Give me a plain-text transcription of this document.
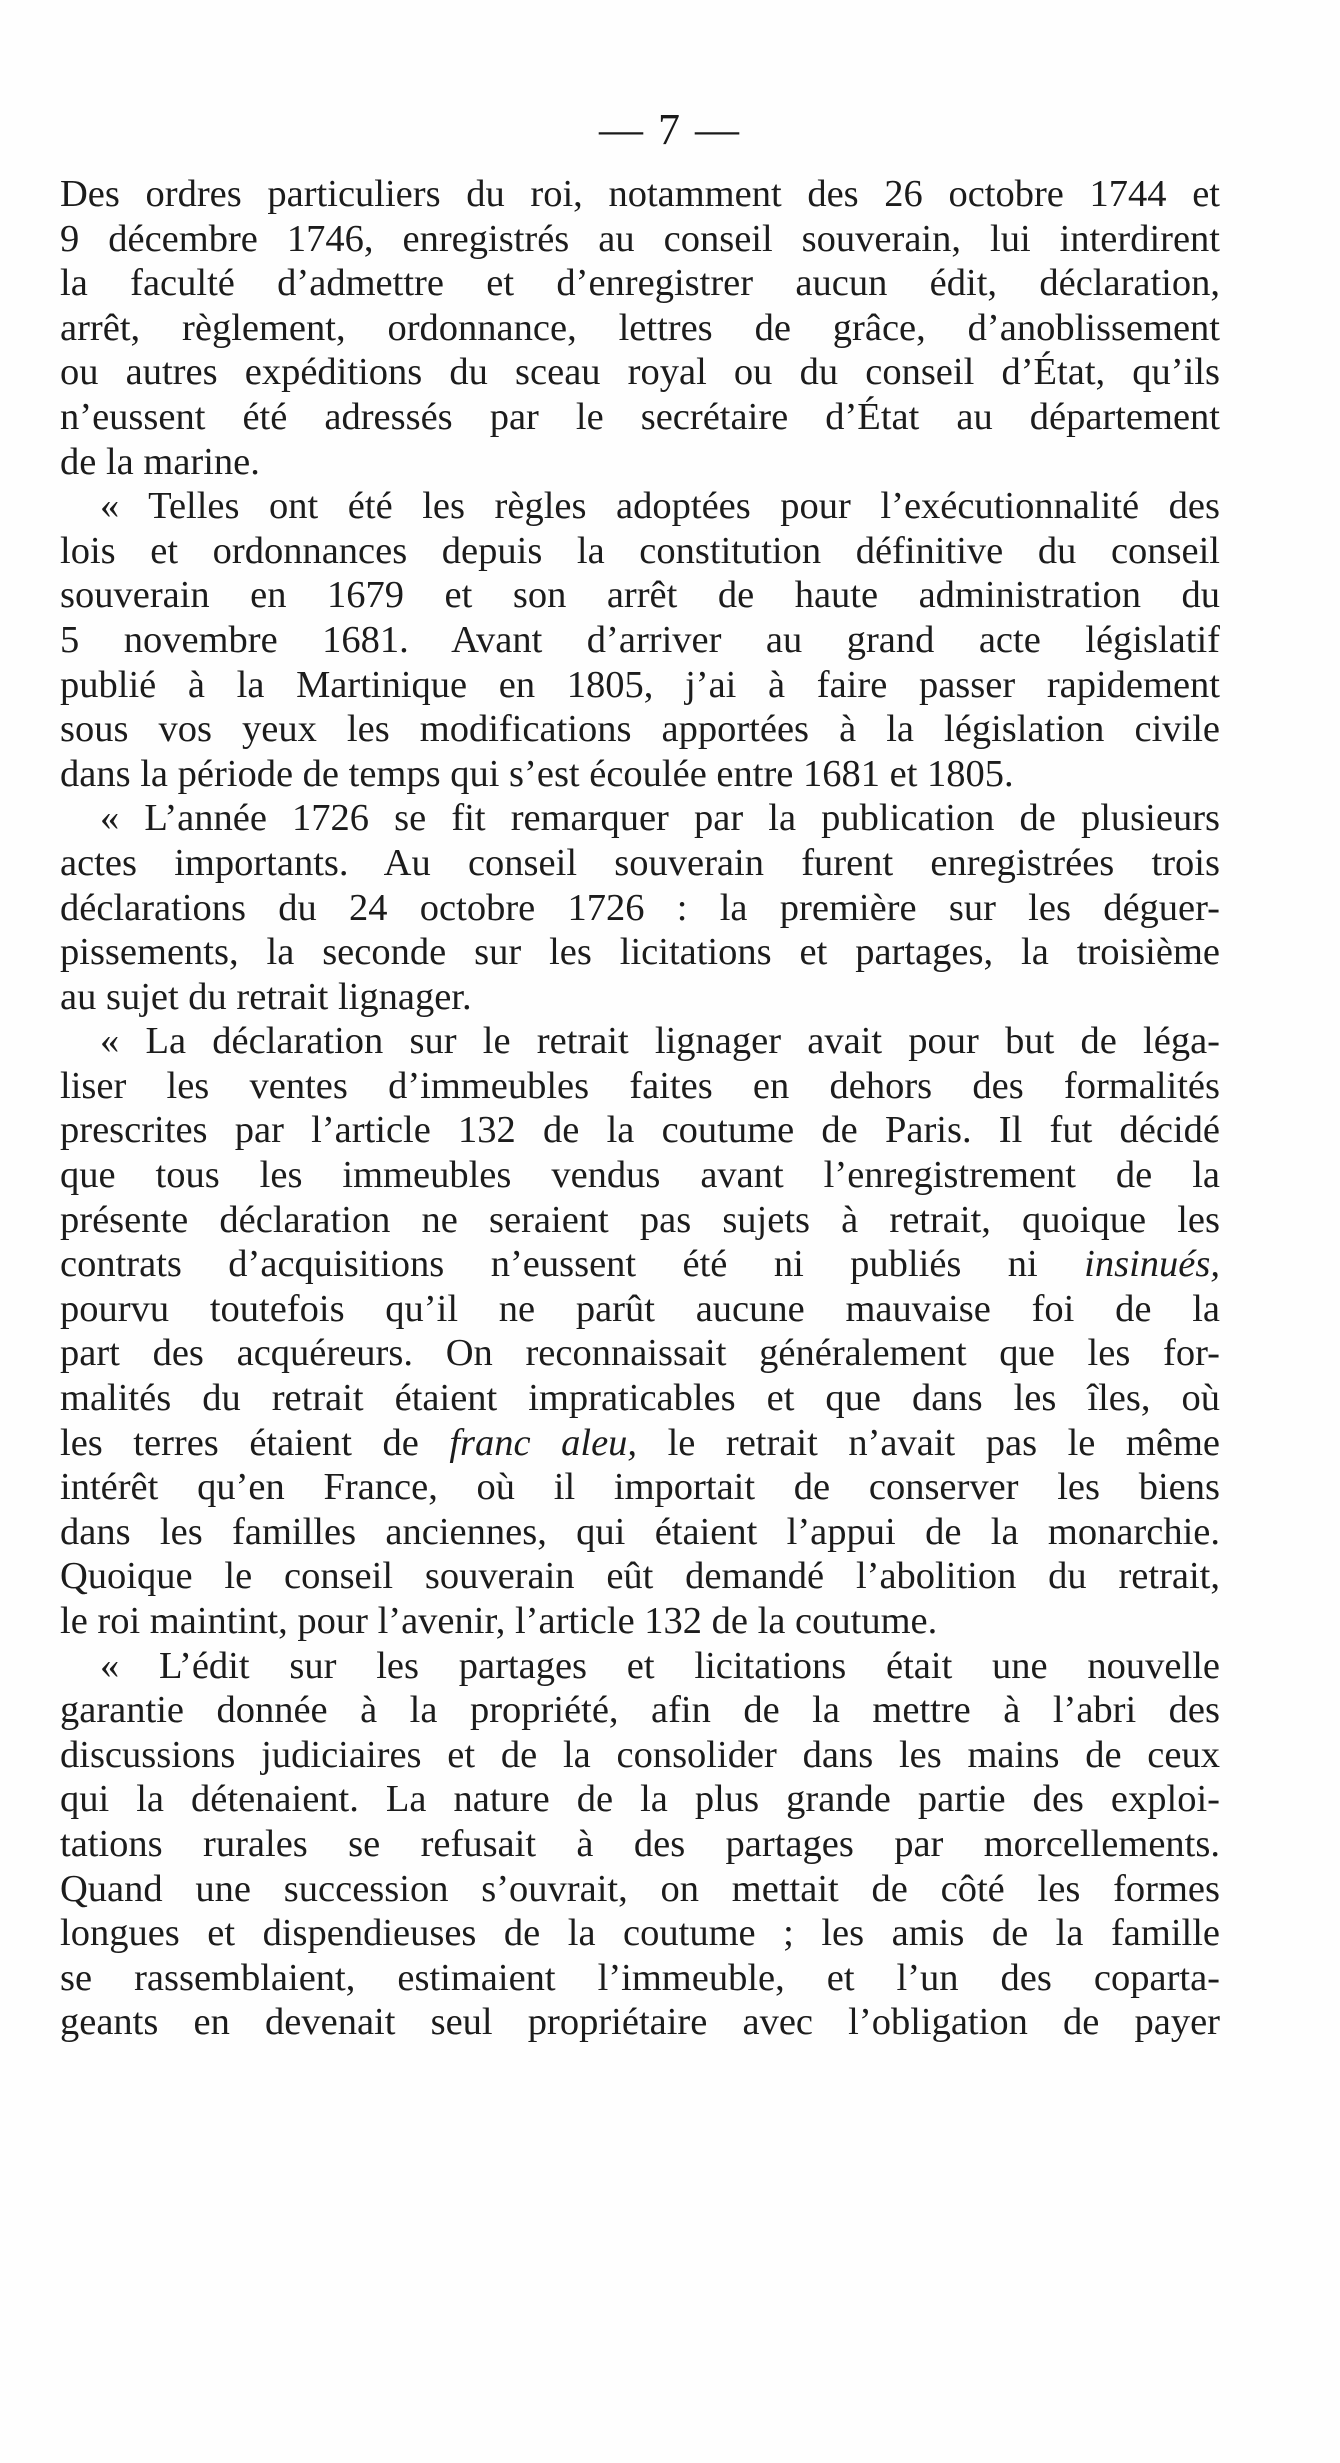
— 7 —
Des ordres particuliers du roi, notamment des 26 octobre 1744 et
9 décembre 1746, enregistrés au conseil souverain, lui interdirent
la faculté d’admettre et d’enregistrer aucun édit, déclaration,
arrêt, règlement, ordonnance, lettres de grâce, d’anoblissement
ou autres expéditions du sceau royal ou du conseil d’État, qu’ils
n’eussent été adressés par le secrétaire d’État au département
de la marine.
« Telles ont été les règles adoptées pour l’exécutionnalité des
lois et ordonnances depuis la constitution définitive du conseil
souverain en 1679 et son arrêt de haute administration du
5 novembre 1681. Avant d’arriver au grand acte législatif
publié à la Martinique en 1805, j’ai à faire passer rapidement
sous vos yeux les modifications apportées à la législation civile
dans la période de temps qui s’est écoulée entre 1681 et 1805.
« L’année 1726 se fit remarquer par la publication de plusieurs
actes importants. Au conseil souverain furent enregistrées trois
déclarations du 24 octobre 1726 : la première sur les déguer-
pissements, la seconde sur les licitations et partages, la troisième
au sujet du retrait lignager.
« La déclaration sur le retrait lignager avait pour but de léga-
liser les ventes d’immeubles faites en dehors des formalités
prescrites par l’article 132 de la coutume de Paris. Il fut décidé
que tous les immeubles vendus avant l’enregistrement de la
présente déclaration ne seraient pas sujets à retrait, quoique les
contrats d’acquisitions n’eussent été ni publiés ni insinués,
pourvu toutefois qu’il ne parût aucune mauvaise foi de la
part des acquéreurs. On reconnaissait généralement que les for-
malités du retrait étaient impraticables et que dans les îles, où
les terres étaient de franc aleu, le retrait n’avait pas le même
intérêt qu’en France, où il importait de conserver les biens
dans les familles anciennes, qui étaient l’appui de la monarchie.
Quoique le conseil souverain eût demandé l’abolition du retrait,
le roi maintint, pour l’avenir, l’article 132 de la coutume.
« L’édit sur les partages et licitations était une nouvelle
garantie donnée à la propriété, afin de la mettre à l’abri des
discussions judiciaires et de la consolider dans les mains de ceux
qui la détenaient. La nature de la plus grande partie des exploi-
tations rurales se refusait à des partages par morcellements.
Quand une succession s’ouvrait, on mettait de côté les formes
longues et dispendieuses de la coutume ; les amis de la famille
se rassemblaient, estimaient l’immeuble, et l’un des coparta-
geants en devenait seul propriétaire avec l’obligation de payer
